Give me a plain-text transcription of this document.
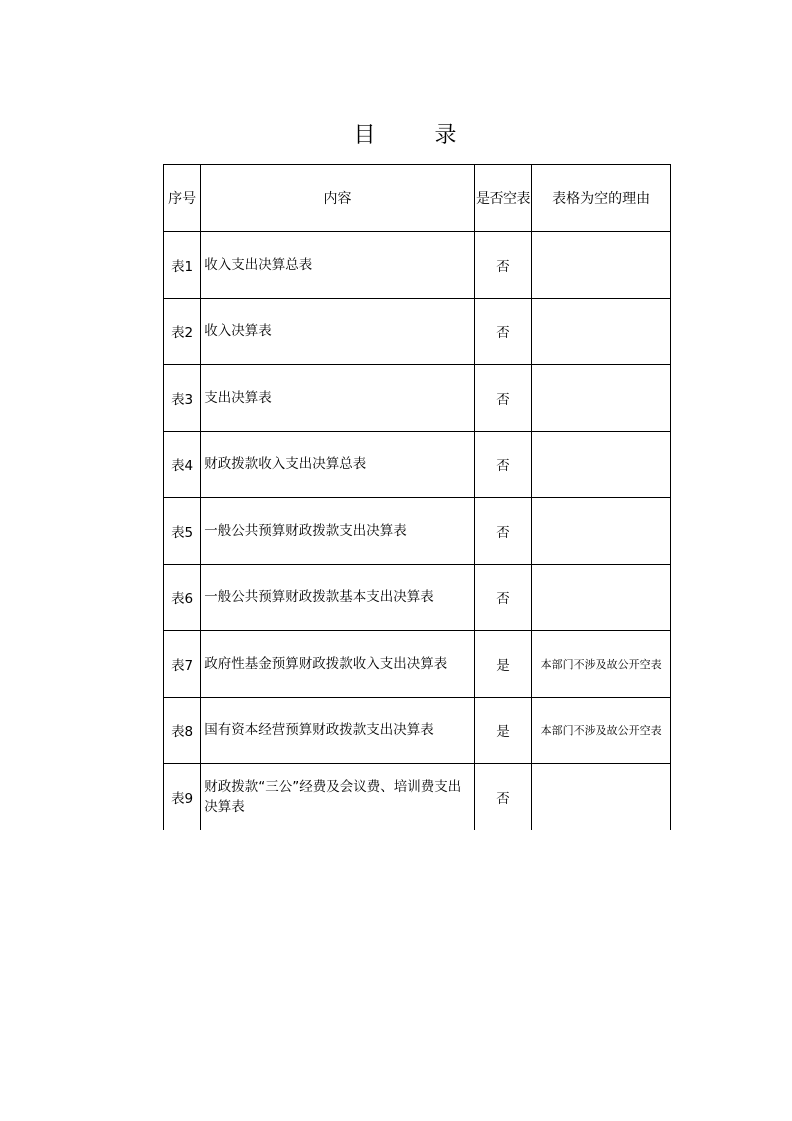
目 录
序号	内容	是否空表	表格为空的理由
表1	收入支出决算总表	否	
表2	收入决算表	否	
表3	支出决算表	否	
表4	财政拨款收入支出决算总表	否	
表5	一般公共预算财政拨款支出决算表	否	
表6	一般公共预算财政拨款基本支出决算表	否	
表7	政府性基金预算财政拨款收入支出决算表	是	本部门不涉及故公开空表
表8	国有资本经营预算财政拨款支出决算表	是	本部门不涉及故公开空表
表9	财政拨款“三公”经费及会议费、培训费支出决算表	否	
